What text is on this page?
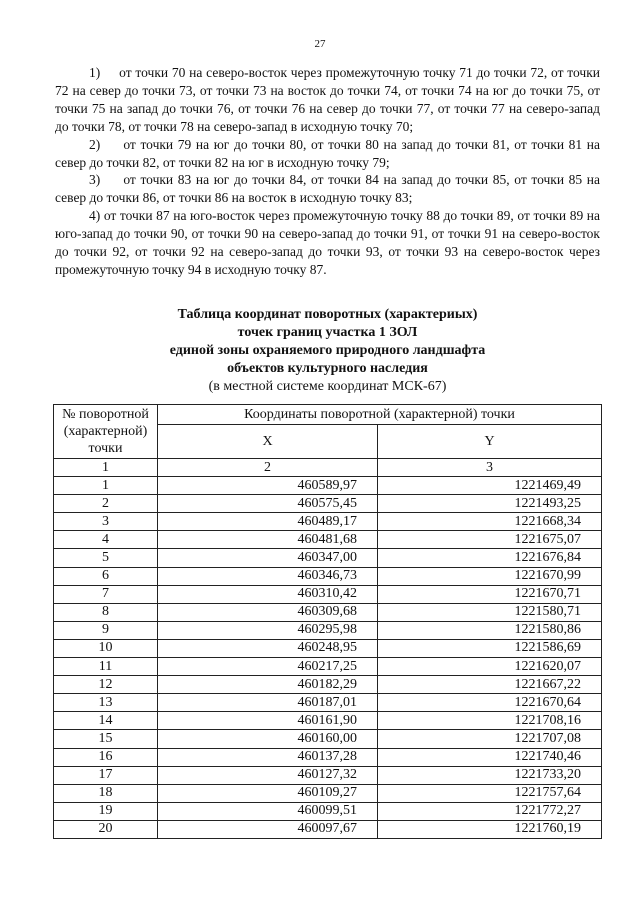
27

1) от точки 70 на северо-восток через промежуточную точку 71 до точки 72, от точки 72 на север до точки 73, от точки 73 на восток до точки 74, от точки 74 на юг до точки 75, от точки 75 на запад до точки 76, от точки 76 на север до точки 77, от точки 77 на северо-запад до точки 78, от точки 78 на северо-запад в исходную точку 70;

2) от точки 79 на юг до точки 80, от точки 80 на запад до точки 81, от точки 81 на север до точки 82, от точки 82 на юг в исходную точку 79;

3) от точки 83 на юг до точки 84, от точки 84 на запад до точки 85, от точки 85 на север до точки 86, от точки 86 на восток в исходную точку 83;

4) от точки 87 на юго-восток через промежуточную точку 88 до точки 89, от точки 89 на юго-запад до точки 90, от точки 90 на северо-запад до точки 91, от точки 91 на северо-восток до точки 92, от точки 92 на северо-запад до точки 93, от точки 93 на северо-восток через промежуточную точку 94 в исходную точку 87.

Таблица координат поворотных (характериых)
точек границ участка 1 ЗОЛ
единой зоны охраняемого природного ландшафта
объектов культурного наследия
(в местной системе координат МСК-67)
№ поворотной (характерной) точки	Координаты поворотной (характерной) точки	
	X	Y
1	2	3
1	460589,97	1221469,49
2	460575,45	1221493,25
3	460489,17	1221668,34
4	460481,68	1221675,07
5	460347,00	1221676,84
6	460346,73	1221670,99
7	460310,42	1221670,71
8	460309,68	1221580,71
9	460295,98	1221580,86
10	460248,95	1221586,69
11	460217,25	1221620,07
12	460182,29	1221667,22
13	460187,01	1221670,64
14	460161,90	1221708,16
15	460160,00	1221707,08
16	460137,28	1221740,46
17	460127,32	1221733,20
18	460109,27	1221757,64
19	460099,51	1221772,27
20	460097,67	1221760,19
